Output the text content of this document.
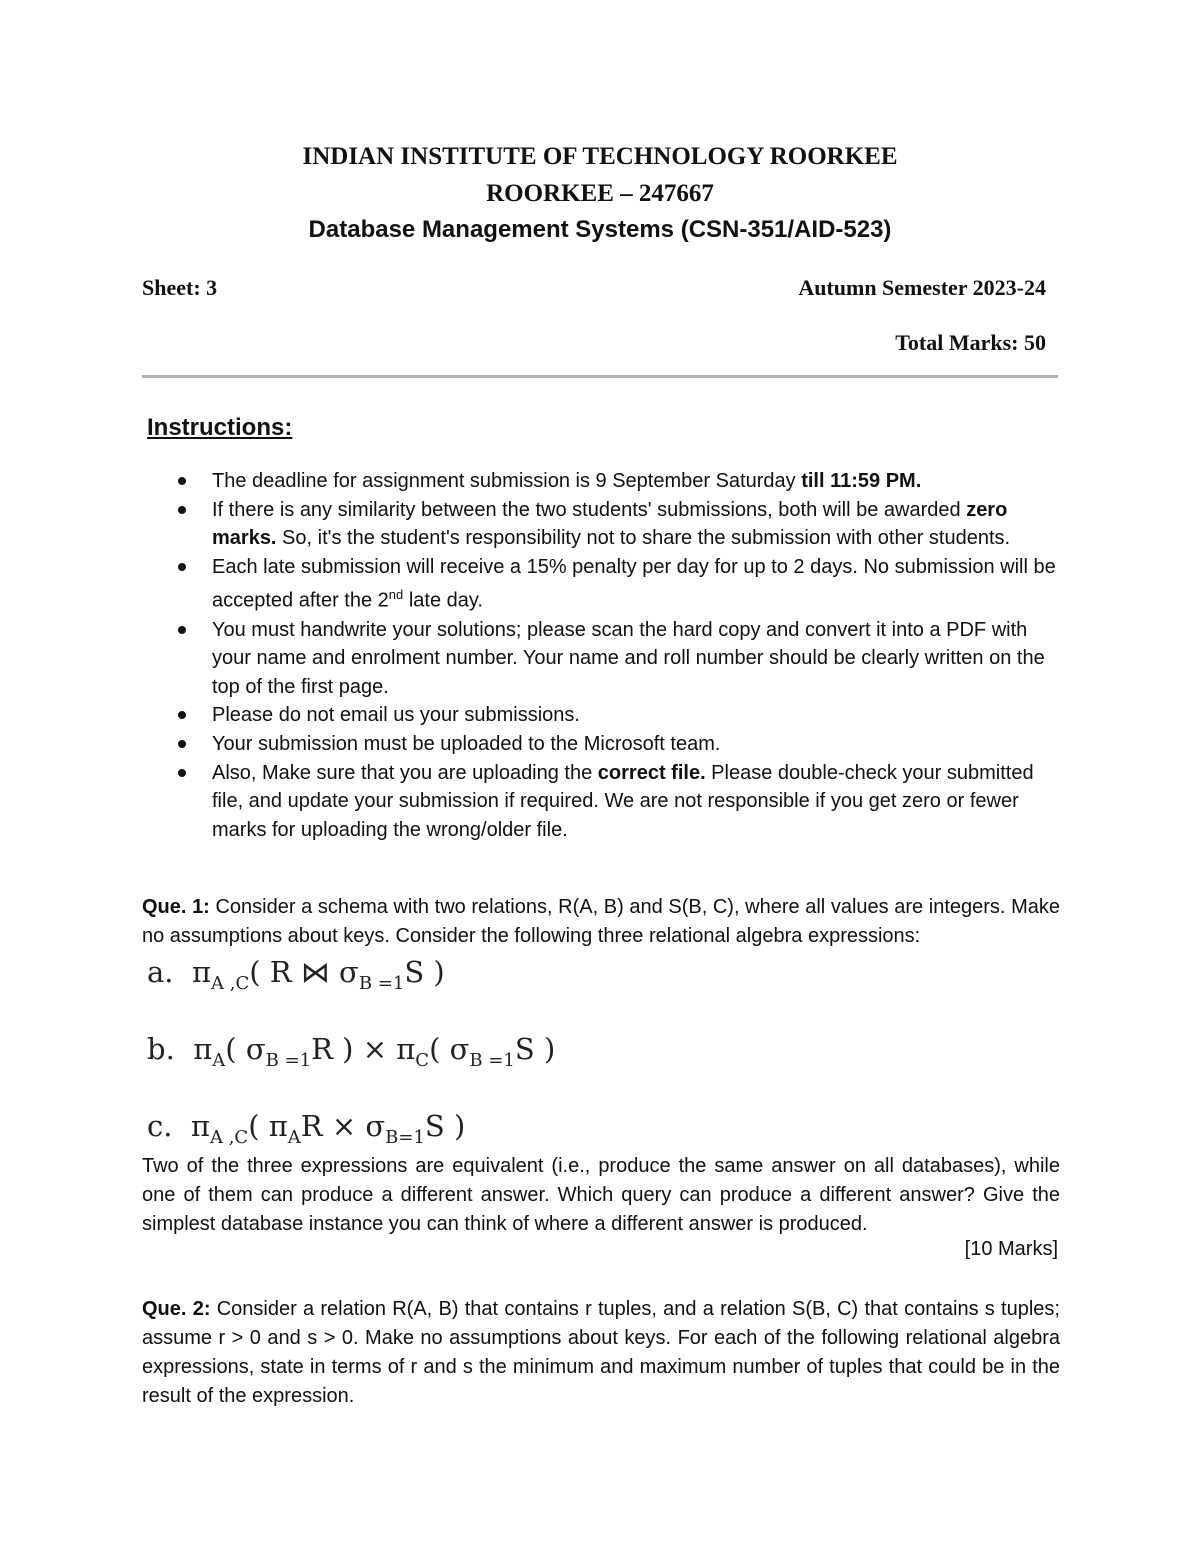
INDIAN INSTITUTE OF TECHNOLOGY ROORKEE
ROORKEE – 247667
Database Management Systems (CSN-351/AID-523)
Sheet: 3	Autumn Semester 2023-24
Total Marks: 50
Instructions:
The deadline for assignment submission is 9 September Saturday till 11:59 PM.
If there is any similarity between the two students' submissions, both will be awarded zero marks. So, it's the student's responsibility not to share the submission with other students.
Each late submission will receive a 15% penalty per day for up to 2 days. No submission will be accepted after the 2nd late day.
You must handwrite your solutions; please scan the hard copy and convert it into a PDF with your name and enrolment number. Your name and roll number should be clearly written on the top of the first page.
Please do not email us your submissions.
Your submission must be uploaded to the Microsoft team.
Also, Make sure that you are uploading the correct file. Please double-check your submitted file, and update your submission if required. We are not responsible if you get zero or fewer marks for uploading the wrong/older file.
Que. 1: Consider a schema with two relations, R(A, B) and S(B, C), where all values are integers. Make no assumptions about keys. Consider the following three relational algebra expressions:
a. $\pi_{A ,C}$( R ⋈ $\sigma_{B =1}S$ )
b. $\pi_A$( $\sigma_{B =1}R$ ) × $\pi_C$( $\sigma_{B =1}S$ )
c. $\pi_{A ,C}$( $\pi_AR \times \sigma_{B=1}S$ )
Two of the three expressions are equivalent (i.e., produce the same answer on all databases), while one of them can produce a different answer. Which query can produce a different answer? Give the simplest database instance you can think of where a different answer is produced.
[10 Marks]
Que. 2: Consider a relation R(A, B) that contains r tuples, and a relation S(B, C) that contains s tuples; assume r > 0 and s > 0. Make no assumptions about keys. For each of the following relational algebra expressions, state in terms of r and s the minimum and maximum number of tuples that could be in the result of the expression.
